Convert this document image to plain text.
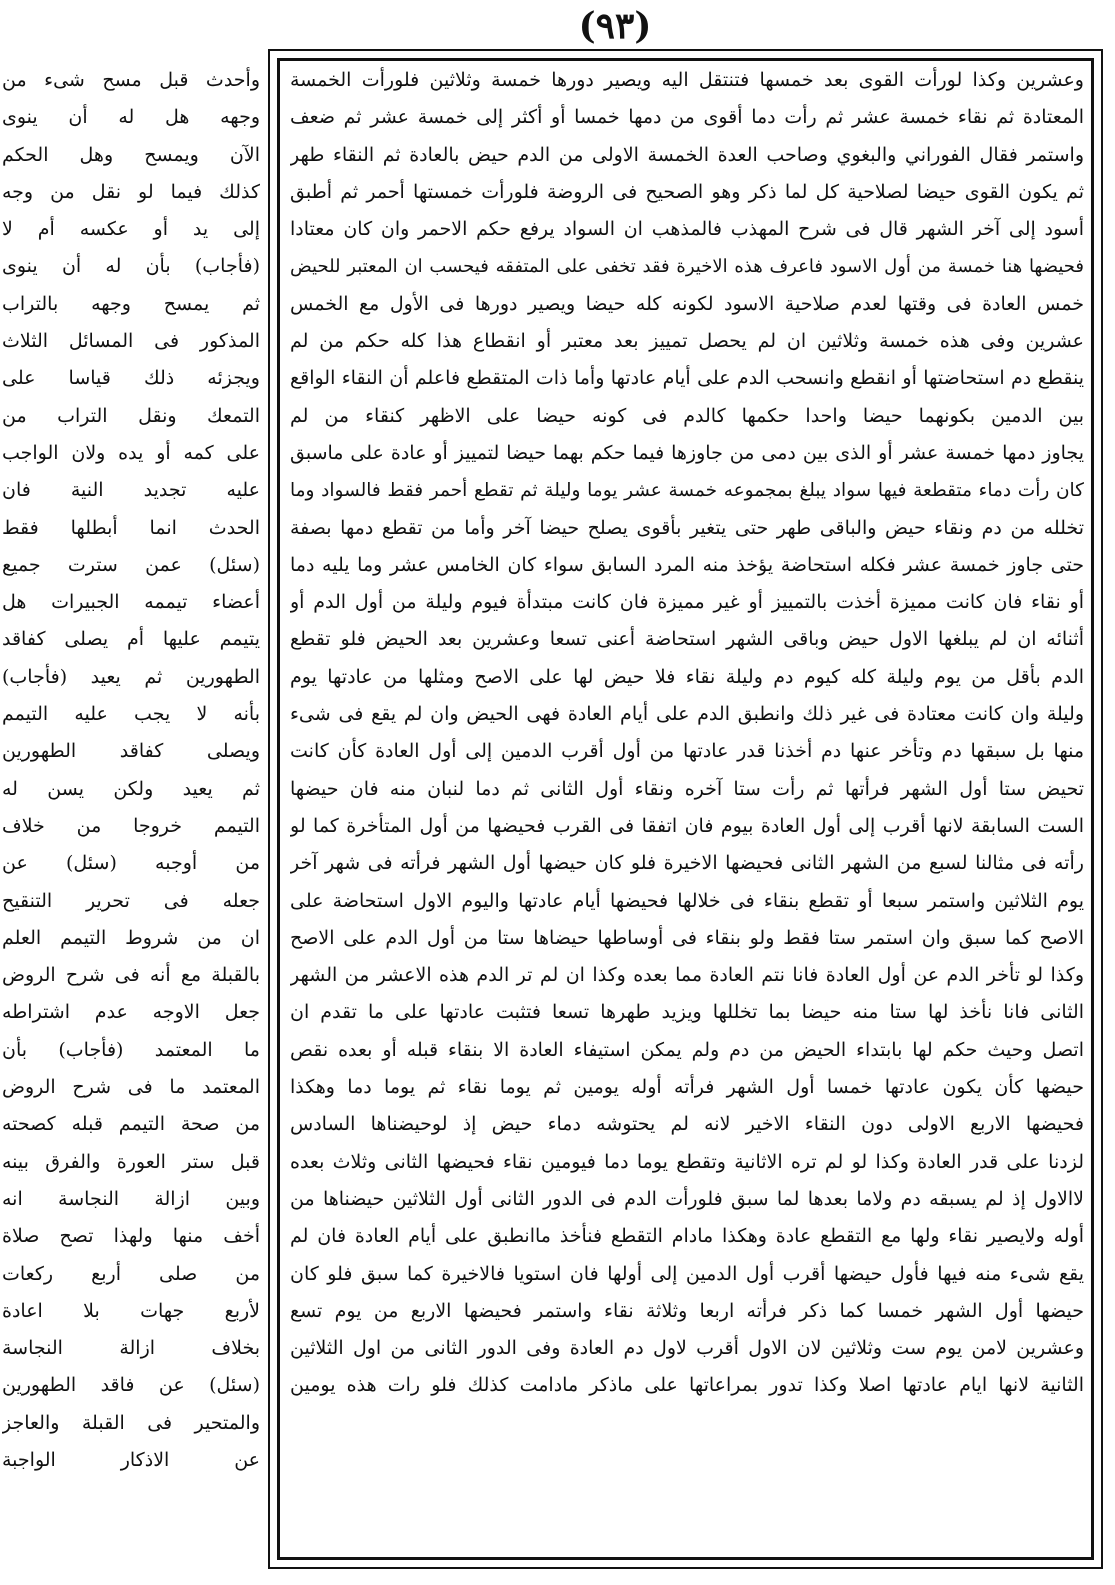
(٩٣)
وعشرين وكذا لورأت القوى بعد خمسها فتنتقل اليه ويصير دورها خمسة وثلاثين فلورأت الخمسة
المعتادة ثم نقاء خمسة عشر ثم رأت دما أقوى من دمها خمسا أو أكثر إلى خمسة عشر ثم ضعف
واستمر فقال الفوراني والبغوي وصاحب العدة الخمسة الاولى من الدم حيض بالعادة ثم النقاء طهر
ثم يكون القوى حيضا لصلاحية كل لما ذكر وهو الصحيح فى الروضة فلورأت خمستها أحمر ثم أطبق
أسود إلى آخر الشهر قال فى شرح المهذب فالمذهب ان السواد يرفع حكم الاحمر وان كان معتادا
فحيضها هنا خمسة من أول الاسود فاعرف هذه الاخيرة فقد تخفى على المتفقه فيحسب ان المعتبر للحيض
خمس العادة فى وقتها لعدم صلاحية الاسود لكونه كله حيضا ويصير دورها فى الأول مع الخمس
عشرين وفى هذه خمسة وثلاثين ان لم يحصل تمييز بعد معتبر أو انقطاع هذا كله حكم من لم
ينقطع دم استحاضتها أو انقطع وانسحب الدم على أيام عادتها وأما ذات المتقطع فاعلم أن النقاء الواقع
بين الدمين بكونهما حيضا واحدا حكمها كالدم فى كونه حيضا على الاظهر كنقاء من لم
يجاوز دمها خمسة عشر أو الذى بين دمى من جاوزها فيما حكم بهما حيضا لتمييز أو عادة على ماسبق
كان رأت دماء متقطعة فيها سواد يبلغ بمجموعه خمسة عشر يوما وليلة ثم تقطع أحمر فقط فالسواد وما
تخلله من دم ونقاء حيض والباقى طهر حتى يتغير بأقوى يصلح حيضا آخر وأما من تقطع دمها بصفة
حتى جاوز خمسة عشر فكله استحاضة يؤخذ منه المرد السابق سواء كان الخامس عشر وما يليه دما
أو نقاء فان كانت مميزة أخذت بالتمييز أو غير مميزة فان كانت مبتدأة فيوم وليلة من أول الدم أو
أثنائه ان لم يبلغها الاول حيض وباقى الشهر استحاضة أعنى تسعا وعشرين بعد الحيض فلو تقطع
الدم بأقل من يوم وليلة كله كيوم دم وليلة نقاء فلا حيض لها على الاصح ومثلها من عادتها يوم
وليلة وان كانت معتادة فى غير ذلك وانطبق الدم على أيام العادة فهى الحيض وان لم يقع فى شىء
منها بل سبقها دم وتأخر عنها دم أخذنا قدر عادتها من أول أقرب الدمين إلى أول العادة كأن كانت
تحيض ستا أول الشهر فرأتها ثم رأت ستا آخره ونقاء أول الثانى ثم دما لنبان منه فان حيضها
الست السابقة لانها أقرب إلى أول العادة بيوم فان اتفقا فى القرب فحيضها من أول المتأخرة كما لو
رأته فى مثالنا لسبع من الشهر الثانى فحيضها الاخيرة فلو كان حيضها أول الشهر فرأته فى شهر آخر
يوم الثلاثين واستمر سبعا أو تقطع بنقاء فى خلالها فحيضها أيام عادتها واليوم الاول استحاضة على
الاصح كما سبق وان استمر ستا فقط ولو بنقاء فى أوساطها حيضاها ستا من أول الدم على الاصح
وكذا لو تأخر الدم عن أول العادة فانا نتم العادة مما بعده وكذا ان لم تر الدم هذه الاعشر من الشهر
الثانى فانا نأخذ لها ستا منه حيضا بما تخللها ويزيد طهرها تسعا فتثبت عادتها على ما تقدم ان
اتصل وحيث حكم لها بابتداء الحيض من دم ولم يمكن استيفاء العادة الا بنقاء قبله أو بعده نقص
حيضها كأن يكون عادتها خمسا أول الشهر فرأته أوله يومين ثم يوما نقاء ثم يوما دما وهكذا
فحيضها الاربع الاولى دون النقاء الاخير لانه لم يحتوشه دماء حيض إذ لوحيضناها السادس
لزدنا على قدر العادة وكذا لو لم تره الاثانية وتقطع يوما دما فيومين نقاء فحيضها الثانى وثلاث بعده
لاالاول إذ لم يسبقه دم ولاما بعدها لما سبق فلورأت الدم فى الدور الثانى أول الثلاثين حيضناها من
أوله ولايصير نقاء ولها مع التقطع عادة وهكذا مادام التقطع فنأخذ ماانطبق على أيام العادة فان لم
يقع شىء منه فيها فأول حيضها أقرب أول الدمين إلى أولها فان استويا فالاخيرة كما سبق فلو كان
حيضها أول الشهر خمسا كما ذكر فرأته اربعا وثلاثة نقاء واستمر فحيضها الاربع من يوم تسع
وعشرين لامن يوم ست وثلاثين لان الاول أقرب لاول دم العادة وفى الدور الثانى من اول الثلاثين
الثانية لانها ايام عادتها اصلا وكذا تدور بمراعاتها على ماذكر مادامت كذلك فلو رات هذه يومين
وأحدث قبل مسح شىء من
وجهه هل له أن ينوى
الآن ويمسح وهل الحكم
كذلك فيما لو نقل من وجه
إلى يد أو عكسه أم لا
(فأجاب) بأن له أن ينوى
ثم يمسح وجهه بالتراب
المذكور فى المسائل الثلاث
ويجزئه ذلك قياسا على
التمعك ونقل التراب من
على كمه أو يده ولان الواجب
عليه تجديد النية فان
الحدث انما أبطلها فقط
(سئل) عمن سترت جميع
أعضاء تيممه الجبيرات هل
يتيمم عليها أم يصلى كفاقد
الطهورين ثم يعيد (فأجاب)
بأنه لا يجب عليه التيمم
ويصلى كفاقد الطهورين
ثم يعيد ولكن يسن له
التيمم خروجا من خلاف
من أوجبه (سئل) عن
جعله فى تحرير التنقيح
ان من شروط التيمم العلم
بالقبلة مع أنه فى شرح الروض
جعل الاوجه عدم اشتراطه
ما المعتمد (فأجاب) بأن
المعتمد ما فى شرح الروض
من صحة التيمم قبله كصحته
قبل ستر العورة والفرق بينه
وبين ازالة النجاسة انه
أخف منها ولهذا تصح صلاة
من صلى أربع ركعات
لأربع جهات بلا اعادة
بخلاف ازالة النجاسة
(سئل) عن فاقد الطهورين
والمتحير فى القبلة والعاجز
عن الاذكار الواجبة
